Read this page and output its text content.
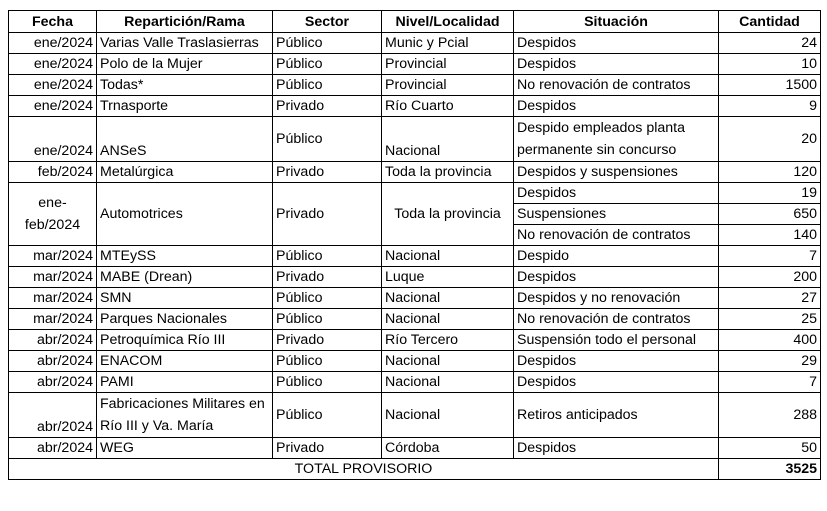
Fecha	Repartición/Rama	Sector	Nivel/Localidad	Situación	Cantidad
ene/2024	Varias Valle Traslasierras	Público	Munic y Pcial	Despidos	24
ene/2024	Polo de la Mujer	Público	Provincial	Despidos	10
ene/2024	Todas*	Público	Provincial	No renovación de contratos	1500
ene/2024	Trnasporte	Privado	Río Cuarto	Despidos	9
ene/2024	ANSeS	Público	Nacional	Despido empleados planta permanente sin concurso	20
feb/2024	Metalúrgica	Privado	Toda la provincia	Despidos y suspensiones	120
ene-feb/2024	Automotrices	Privado	Toda la provincia	Despidos	19
				Suspensiones	650
				No renovación de contratos	140
mar/2024	MTEySS	Público	Nacional	Despido	7
mar/2024	MABE (Drean)	Privado	Luque	Despidos	200
mar/2024	SMN	Público	Nacional	Despidos y no renovación	27
mar/2024	Parques Nacionales	Público	Nacional	No renovación de contratos	25
abr/2024	Petroquímica Río III	Privado	Río Tercero	Suspensión todo el personal	400
abr/2024	ENACOM	Público	Nacional	Despidos	29
abr/2024	PAMI	Público	Nacional	Despidos	7
abr/2024	Fabricaciones Militares en Río III y Va. María	Público	Nacional	Retiros anticipados	288
abr/2024	WEG	Privado	Córdoba	Despidos	50
TOTAL PROVISORIO					3525
